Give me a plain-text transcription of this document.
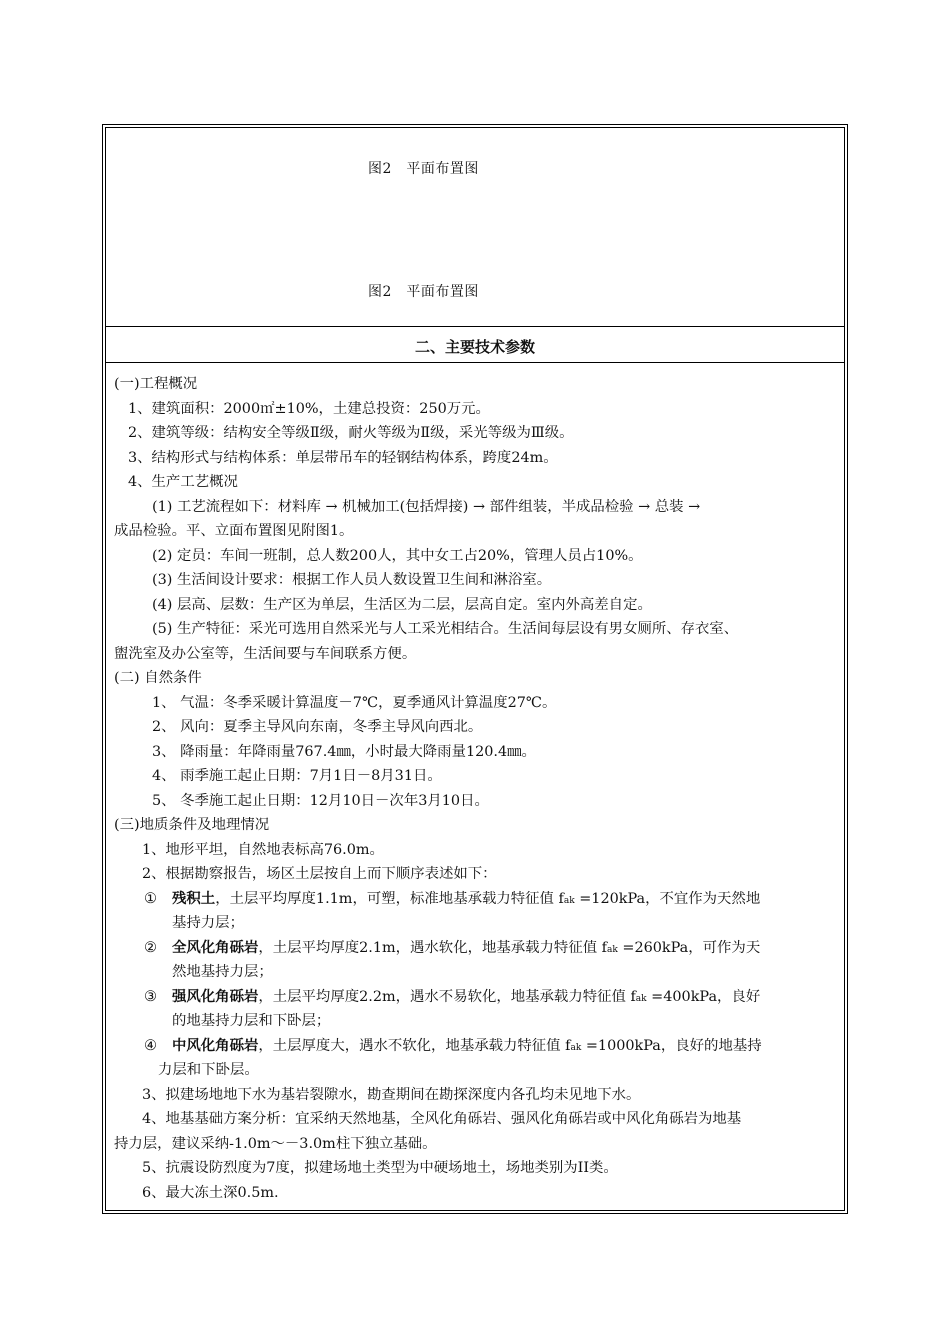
图2　平面布置图
图2　平面布置图
二、主要技术参数
(一)工程概况
1、建筑面积：2000㎡±10%，土建总投资：250万元。
2、建筑等级：结构安全等级Ⅱ级，耐火等级为Ⅱ级，采光等级为Ⅲ级。
3、结构形式与结构体系：单层带吊车的轻钢结构体系，跨度24m。
4、生产工艺概况
(1) 工艺流程如下：材料库 → 机械加工(包括焊接) → 部件组装，半成品检验 → 总装 →
成品检验。平、立面布置图见附图1。
(2) 定员：车间一班制，总人数200人，其中女工占20%，管理人员占10%。
(3) 生活间设计要求：根据工作人员人数设置卫生间和淋浴室。
(4) 层高、层数：生产区为单层，生活区为二层，层高自定。室内外高差自定。
(5) 生产特征：采光可选用自然采光与人工采光相结合。生活间每层设有男女厕所、存衣室、
盥洗室及办公室等，生活间要与车间联系方便。
(二) 自然条件
1、 气温：冬季采暖计算温度－7℃，夏季通风计算温度27℃。
2、 风向：夏季主导风向东南，冬季主导风向西北。
3、 降雨量：年降雨量767.4㎜，小时最大降雨量120.4㎜。
4、 雨季施工起止日期：7月1日－8月31日。
5、 冬季施工起止日期：12月10日－次年3月10日。
(三)地质条件及地理情况
1、地形平坦，自然地表标高76.0m。
2、根据勘察报告，场区土层按自上而下顺序表述如下：
①	残积土，土层平均厚度1.1m，可塑，标准地基承载力特征值 fak =120kPa，不宜作为天然地
基持力层；
②	全风化角砾岩，土层平均厚度2.1m，遇水软化，地基承载力特征值 fak =260kPa，可作为天
然地基持力层；
③	强风化角砾岩，土层平均厚度2.2m，遇水不易软化，地基承载力特征值 fak =400kPa，良好
的地基持力层和下卧层；
④	中风化角砾岩，土层厚度大，遇水不软化，地基承载力特征值 fak =1000kPa，良好的地基持
力层和下卧层。
3、拟建场地地下水为基岩裂隙水，勘查期间在勘探深度内各孔均未见地下水。
4、地基基础方案分析：宜采纳天然地基，全风化角砾岩、强风化角砾岩或中风化角砾岩为地基
持力层，建议采纳-1.0m～－3.0m柱下独立基础。
5、抗震设防烈度为7度，拟建场地土类型为中硬场地土，场地类别为II类。
6、最大冻土深0.5m.
